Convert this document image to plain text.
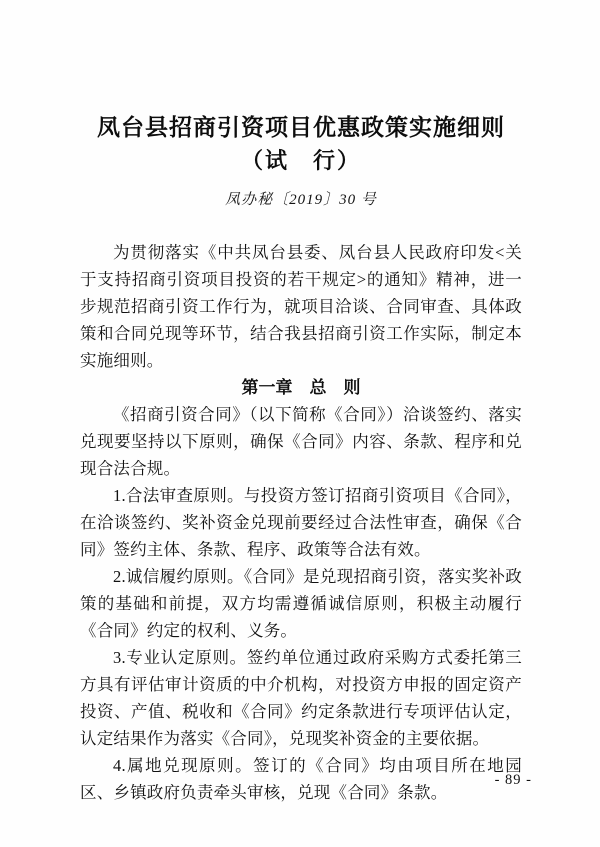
凤台县招商引资项目优惠政策实施细则
（试　行）
凤办秘〔2019〕30 号

为贯彻落实《中共凤台县委、凤台县人民政府印发<关于支持招商引资项目投资的若干规定>的通知》精神，进一步规范招商引资工作行为，就项目洽谈、合同审查、具体政策和合同兑现等环节，结合我县招商引资工作实际，制定本实施细则。

第一章　总　则

《招商引资合同》（以下简称《合同》）洽谈签约、落实兑现要坚持以下原则，确保《合同》内容、条款、程序和兑现合法合规。

1.合法审查原则。与投资方签订招商引资项目《合同》，在洽谈签约、奖补资金兑现前要经过合法性审查，确保《合同》签约主体、条款、程序、政策等合法有效。

2.诚信履约原则。《合同》是兑现招商引资，落实奖补政策的基础和前提，双方均需遵循诚信原则，积极主动履行《合同》约定的权利、义务。

3.专业认定原则。签约单位通过政府采购方式委托第三方具有评估审计资质的中介机构，对投资方申报的固定资产投资、产值、税收和《合同》约定条款进行专项评估认定，认定结果作为落实《合同》，兑现奖补资金的主要依据。

4.属地兑现原则。签订的《合同》均由项目所在地园区、乡镇政府负责牵头审核，兑现《合同》条款。

- 89 -
